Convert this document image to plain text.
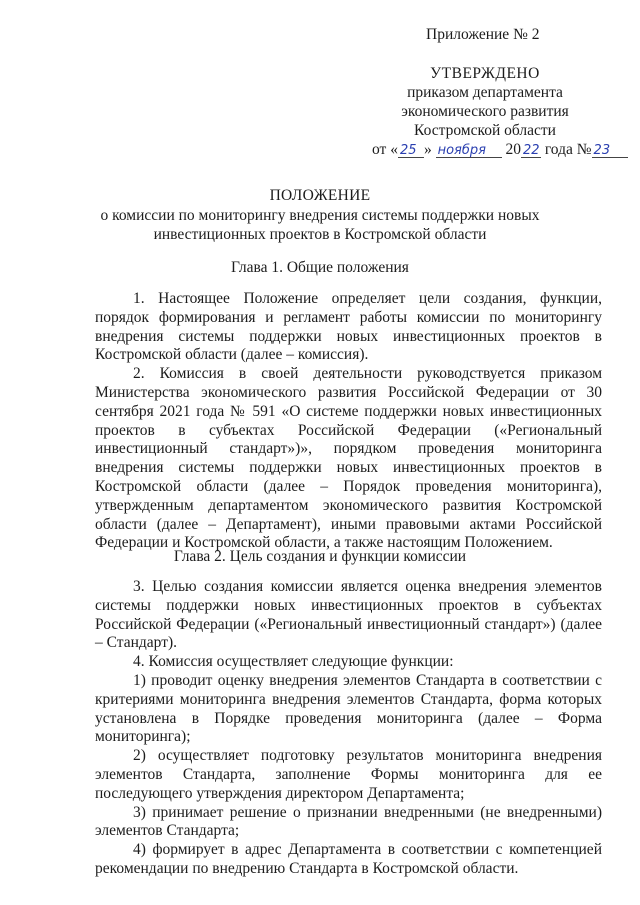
Приложение № 2
УТВЕРЖДЕНО
приказом департамента
экономического развития
Костромской области
от « 25 » ноября 20 22 года № 23
ПОЛОЖЕНИЕ
о комиссии по мониторингу внедрения системы поддержки новых
инвестиционных проектов в Костромской области
Глава 1. Общие положения

1. Настоящее Положение определяет цели создания, функции, порядок формирования и регламент работы комиссии по мониторингу внедрения системы поддержки новых инвестиционных проектов в Костромской области (далее – комиссия).

2. Комиссия в своей деятельности руководствуется приказом Министерства экономического развития Российской Федерации от 30 сентября 2021 года № 591 «О системе поддержки новых инвестиционных проектов в субъектах Российской Федерации («Региональный инвестиционный стандарт»)», порядком проведения мониторинга внедрения системы поддержки новых инвестиционных проектов в Костромской области (далее – Порядок проведения мониторинга), утвержденным департаментом экономического развития Костромской области (далее – Департамент), иными правовыми актами Российской Федерации и Костромской области, а также настоящим Положением.

Глава 2. Цель создания и функции комиссии

3. Целью создания комиссии является оценка внедрения элементов системы поддержки новых инвестиционных проектов в субъектах Российской Федерации («Региональный инвестиционный стандарт») (далее – Стандарт).

4. Комиссия осуществляет следующие функции:

1) проводит оценку внедрения элементов Стандарта в соответствии с критериями мониторинга внедрения элементов Стандарта, форма которых установлена в Порядке проведения мониторинга (далее – Форма мониторинга);

2) осуществляет подготовку результатов мониторинга внедрения элементов Стандарта, заполнение Формы мониторинга для ее последующего утверждения директором Департамента;

3) принимает решение о признании внедренными (не внедренными) элементов Стандарта;

4) формирует в адрес Департамента в соответствии с компетенцией рекомендации по внедрению Стандарта в Костромской области.
